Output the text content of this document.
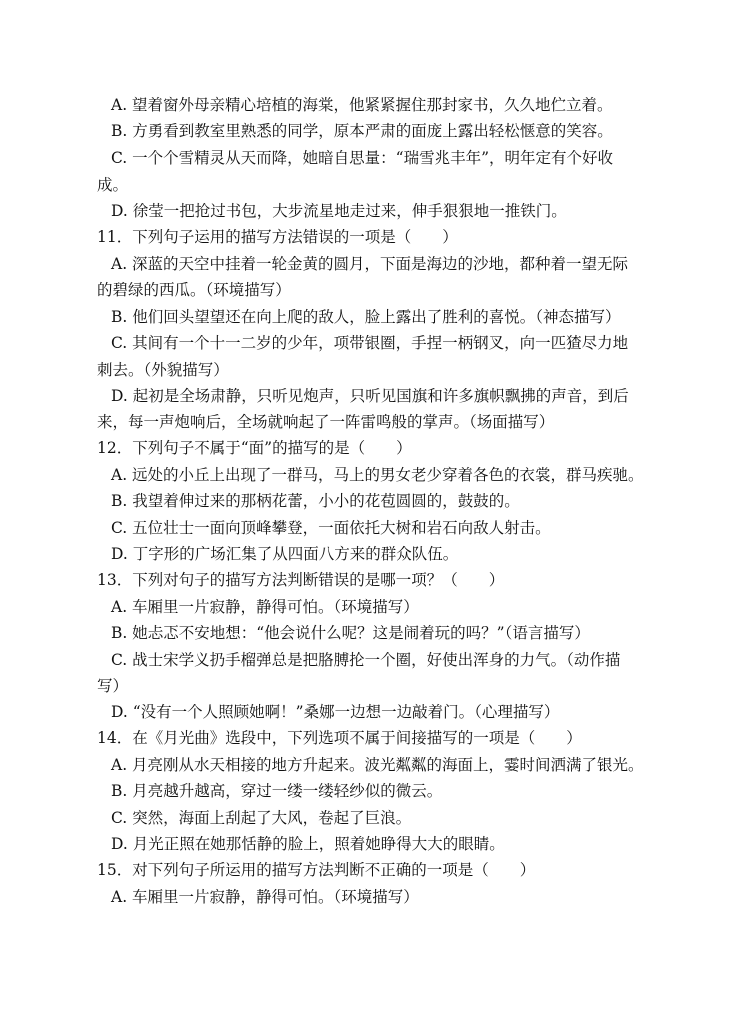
A. 望着窗外母亲精心培植的海棠，他紧紧握住那封家书，久久地伫立着。
B. 方勇看到教室里熟悉的同学，原本严肃的面庞上露出轻松惬意的笑容。
C. 一个个雪精灵从天而降，她暗自思量：“瑞雪兆丰年”，明年定有个好收
成。
D. 徐莹一把抢过书包，大步流星地走过来，伸手狠狠地一推铁门。
11．下列句子运用的描写方法错误的一项是（　　）
A. 深蓝的天空中挂着一轮金黄的圆月，下面是海边的沙地，都种着一望无际
的碧绿的西瓜。（环境描写）
B. 他们回头望望还在向上爬的敌人，脸上露出了胜利的喜悦。（神态描写）
C. 其间有一个十一二岁的少年，项带银圈，手捏一柄钢叉，向一匹猹尽力地
刺去。（外貌描写）
D. 起初是全场肃静，只听见炮声，只听见国旗和许多旗帜飘拂的声音，到后
来，每一声炮响后，全场就响起了一阵雷鸣般的掌声。（场面描写）
12．下列句子不属于“面”的描写的是（　　）
A. 远处的小丘上出现了一群马，马上的男女老少穿着各色的衣裳，群马疾驰。
B. 我望着伸过来的那柄花蕾，小小的花苞圆圆的，鼓鼓的。
C. 五位壮士一面向顶峰攀登，一面依托大树和岩石向敌人射击。
D. 丁字形的广场汇集了从四面八方来的群众队伍。
13．下列对句子的描写方法判断错误的是哪一项？（　　）
A. 车厢里一片寂静，静得可怕。（环境描写）
B. 她忐忑不安地想：“他会说什么呢？这是闹着玩的吗？”（语言描写）
C. 战士宋学义扔手榴弹总是把胳膊抡一个圈，好使出浑身的力气。（动作描
写）
D. “没有一个人照顾她啊！”桑娜一边想一边敲着门。（心理描写）
14．在《月光曲》选段中，下列选项不属于间接描写的一项是（　　）
A. 月亮刚从水天相接的地方升起来。波光粼粼的海面上，霎时间洒满了银光。
B. 月亮越升越高，穿过一缕一缕轻纱似的微云。
C. 突然，海面上刮起了大风，卷起了巨浪。
D. 月光正照在她那恬静的脸上，照着她睁得大大的眼睛。
15．对下列句子所运用的描写方法判断不正确的一项是（　　）
A. 车厢里一片寂静，静得可怕。（环境描写）
